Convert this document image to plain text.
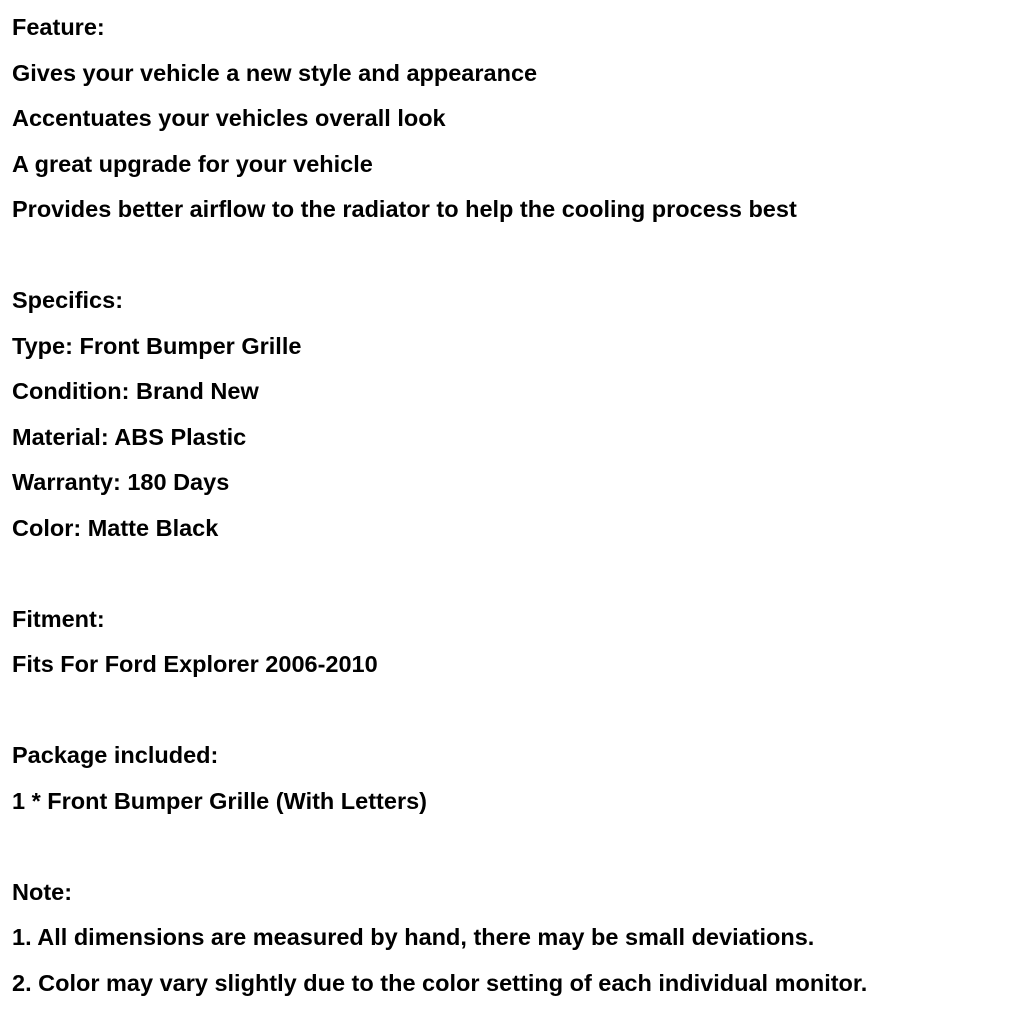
Feature:
Gives your vehicle a new style and appearance
Accentuates your vehicles overall look
A great upgrade for your vehicle
Provides better airflow to the radiator to help the cooling process best
Specifics:
Type: Front Bumper Grille
Condition: Brand New
Material: ABS Plastic
Warranty: 180 Days
Color: Matte Black
Fitment:
Fits For Ford Explorer 2006-2010
Package included:
1 * Front Bumper Grille (With Letters)
Note:
1. All dimensions are measured by hand, there may be small deviations.
2. Color may vary slightly due to the color setting of each individual monitor.
